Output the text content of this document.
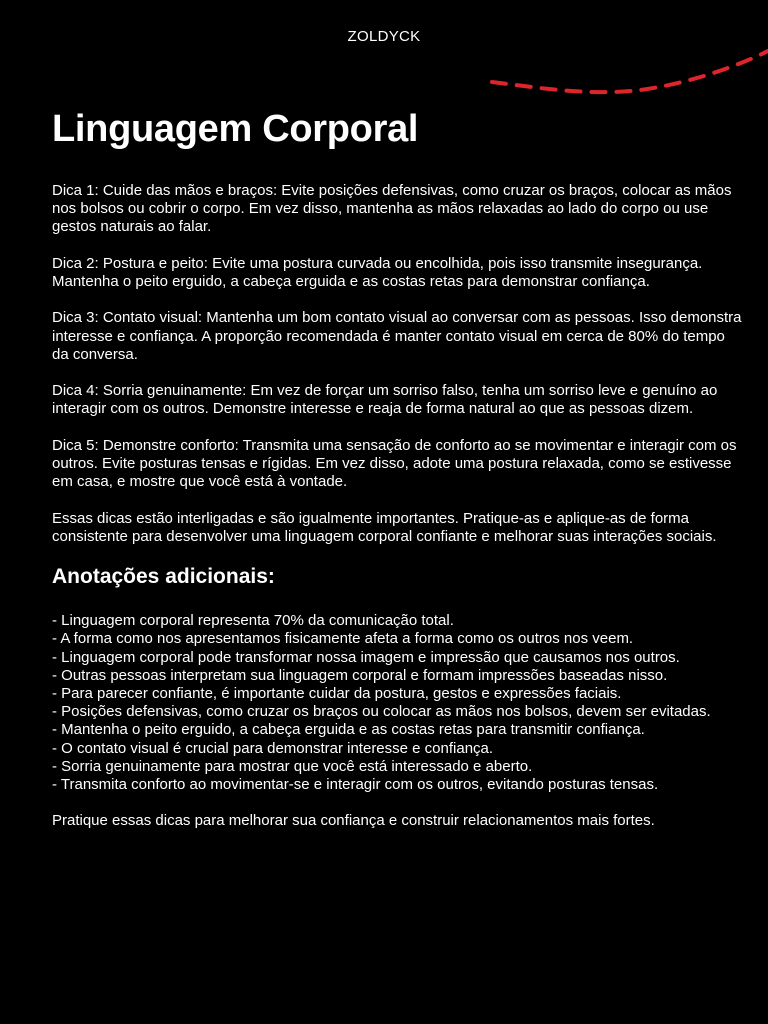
ZOLDYCK
Linguagem Corporal

Dica 1: Cuide das mãos e braços: Evite posições defensivas, como cruzar os braços, colocar as mãos nos bolsos ou cobrir o corpo. Em vez disso, mantenha as mãos relaxadas ao lado do corpo ou use gestos naturais ao falar.

Dica 2: Postura e peito: Evite uma postura curvada ou encolhida, pois isso transmite insegurança. Mantenha o peito erguido, a cabeça erguida e as costas retas para demonstrar confiança.

Dica 3: Contato visual: Mantenha um bom contato visual ao conversar com as pessoas. Isso demonstra interesse e confiança. A proporção recomendada é manter contato visual em cerca de 80% do tempo da conversa.

Dica 4: Sorria genuinamente: Em vez de forçar um sorriso falso, tenha um sorriso leve e genuíno ao interagir com os outros. Demonstre interesse e reaja de forma natural ao que as pessoas dizem.

Dica 5: Demonstre conforto: Transmita uma sensação de conforto ao se movimentar e interagir com os outros. Evite posturas tensas e rígidas. Em vez disso, adote uma postura relaxada, como se estivesse em casa, e mostre que você está à vontade.

Essas dicas estão interligadas e são igualmente importantes. Pratique-as e aplique-as de forma consistente para desenvolver uma linguagem corporal confiante e melhorar suas interações sociais.

Anotações adicionais:
- Linguagem corporal representa 70% da comunicação total.
- A forma como nos apresentamos fisicamente afeta a forma como os outros nos veem.
- Linguagem corporal pode transformar nossa imagem e impressão que causamos nos outros.
- Outras pessoas interpretam sua linguagem corporal e formam impressões baseadas nisso.
- Para parecer confiante, é importante cuidar da postura, gestos e expressões faciais.
- Posições defensivas, como cruzar os braços ou colocar as mãos nos bolsos, devem ser evitadas.
- Mantenha o peito erguido, a cabeça erguida e as costas retas para transmitir confiança.
- O contato visual é crucial para demonstrar interesse e confiança.
- Sorria genuinamente para mostrar que você está interessado e aberto.
- Transmita conforto ao movimentar-se e interagir com os outros, evitando posturas tensas.

Pratique essas dicas para melhorar sua confiança e construir relacionamentos mais fortes.
